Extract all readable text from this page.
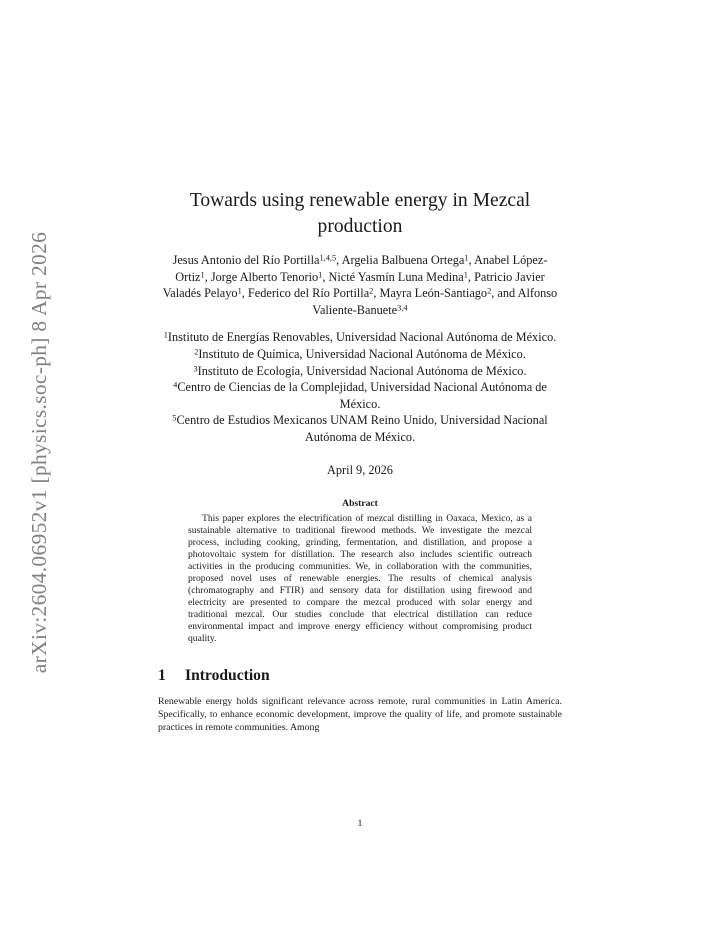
arXiv:2604.06952v1 [physics.soc-ph] 8 Apr 2026
Towards using renewable energy in Mezcal
production
Jesus Antonio del Río Portilla$^{1,4,5}$, Argelia Balbuena Ortega$^1$, Anabel López-Ortiz$^1$, Jorge Alberto Tenorio$^1$, Nicté Yasmín Luna Medina$^1$, Patricio Javier Valadés Pelayo$^1$, Federico del Río Portilla$^2$, Mayra León-Santiago$^2$, and Alfonso Valiente-Banuete$^{3,4}$
$^1$Instituto de Energías Renovables, Universidad Nacional Autónoma de México.
$^2$Instituto de Química, Universidad Nacional Autónoma de México.
$^3$Instituto de Ecología, Universidad Nacional Autónoma de México.
$^4$Centro de Ciencias de la Complejidad, Universidad Nacional Autónoma de México.
$^5$Centro de Estudios Mexicanos UNAM Reino Unido, Universidad Nacional Autónoma de México.
April 9, 2026
Abstract
This paper explores the electrification of mezcal distilling in Oaxaca, Mexico, as a sustainable alternative to traditional firewood methods. We investigate the mezcal process, including cooking, grinding, fermentation, and distillation, and propose a photovoltaic system for distillation. The research also includes scientific outreach activities in the producing communities. We, in collaboration with the communities, proposed novel uses of renewable energies. The results of chemical analysis (chromatography and FTIR) and sensory data for distillation using firewood and electricity are presented to compare the mezcal produced with solar energy and traditional mezcal. Our studies conclude that electrical distillation can reduce environmental impact and improve energy efficiency without compromising product quality.
1	Introduction
Renewable energy holds significant relevance across remote, rural communities in Latin America. Specifically, to enhance economic development, improve the quality of life, and promote sustainable practices in remote communities. Among
1
